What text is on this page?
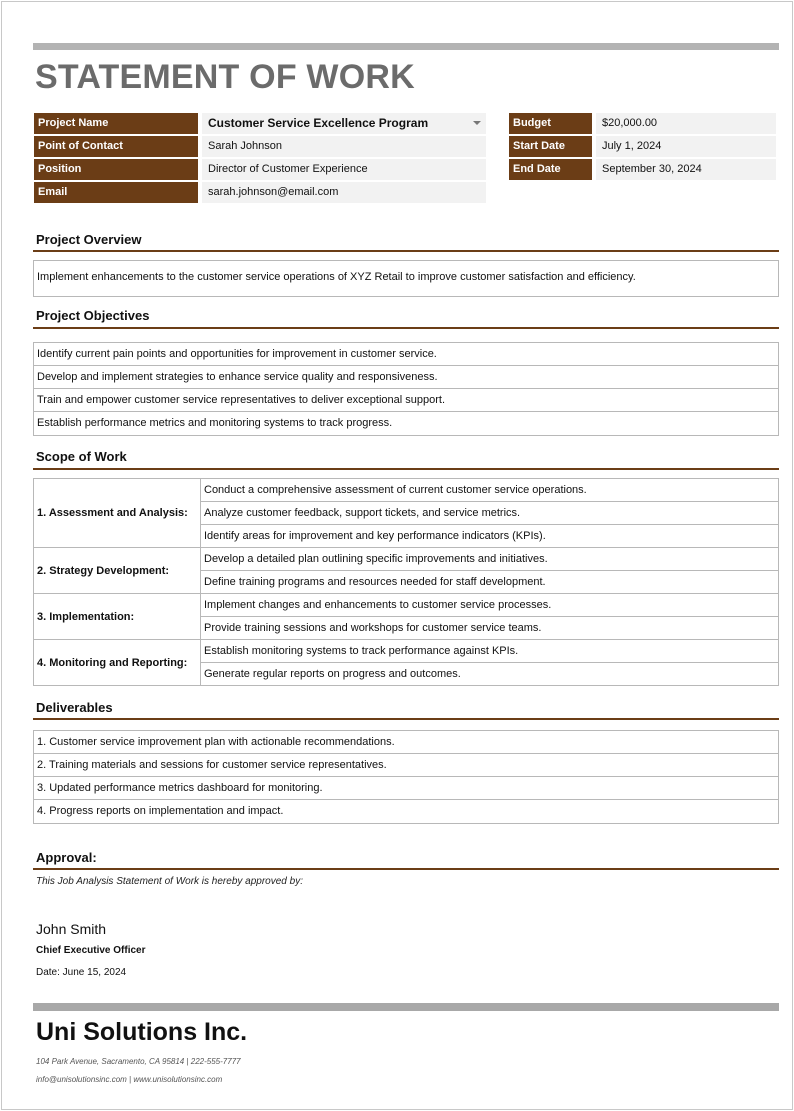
STATEMENT OF WORK
Project Name	Customer Service Excellence Program
Point of Contact	Sarah Johnson
Position	Director of Customer Experience
Email	sarah.johnson@email.com
Budget	$20,000.00
Start Date	July 1, 2024
End Date	September 30, 2024
Project Overview
Implement enhancements to the customer service operations of XYZ Retail to improve customer satisfaction and efficiency.
Project Objectives
Identify current pain points and opportunities for improvement in customer service.
Develop and implement strategies to enhance service quality and responsiveness.
Train and empower customer service representatives to deliver exceptional support.
Establish performance metrics and monitoring systems to track progress.
Scope of Work
1. Assessment and Analysis:	Conduct a comprehensive assessment of current customer service operations.
	Analyze customer feedback, support tickets, and service metrics.
	Identify areas for improvement and key performance indicators (KPIs).
2. Strategy Development:	Develop a detailed plan outlining specific improvements and initiatives.
	Define training programs and resources needed for staff development.
3. Implementation:	Implement changes and enhancements to customer service processes.
	Provide training sessions and workshops for customer service teams.
4. Monitoring and Reporting:	Establish monitoring systems to track performance against KPIs.
	Generate regular reports on progress and outcomes.
Deliverables
1. Customer service improvement plan with actionable recommendations.
2. Training materials and sessions for customer service representatives.
3. Updated performance metrics dashboard for monitoring.
4. Progress reports on implementation and impact.
Approval:
This Job Analysis Statement of Work is hereby approved by:
John Smith
Chief Executive Officer
Date: June 15, 2024
Uni Solutions Inc.
104 Park Avenue, Sacramento, CA 95814 | 222-555-7777
info@unisolutionsinc.com | www.unisolutionsinc.com
